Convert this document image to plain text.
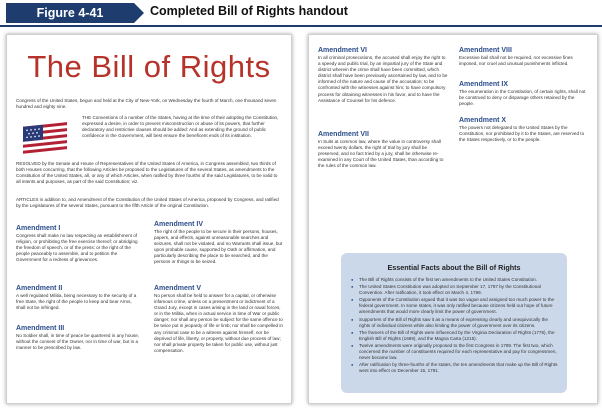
Figure 4-41	Completed Bill of Rights handout
The Bill of Rights
Congress of the United States, begun and held at the City of New-York, on Wednesday the fourth of March, one thousand seven hundred and eighty nine.
THE Conventions of a number of the States, having at the time of their adopting the Constitution, expressed a desire, in order to prevent misconstruction or abuse of its powers, that further declaratory and restrictive clauses should be added: And as extending the ground of public confidence in the Government, will best ensure the beneficent ends of its institution.
RESOLVED by the Senate and House of Representatives of the United States of America, in Congress assembled, two thirds of both Houses concurring, that the following Articles be proposed to the Legislatures of the several States, as amendments to the Constitution of the United States, all, or any of which Articles, when ratified by three fourths of the said Legislatures, to be valid to all intents and purposes, as part of the said Constitution; viz.
ARTICLES in addition to, and Amendment of the Constitution of the United States of America, proposed by Congress, and ratified by the Legislatures of the several States, pursuant to the fifth Article of the original Constitution.
Amendment I
Congress shall make no law respecting an establishment of religion, or prohibiting the free exercise thereof; or abridging the freedom of speech, or of the press; or the right of the people peaceably to assemble, and to petition the Government for a redress of grievances.
Amendment II
A well regulated Militia, being necessary to the security of a free State, the right of the people to keep and bear Arms, shall not be infringed.
Amendment III
No Soldier shall, in time of peace be quartered in any house, without the consent of the Owner, nor in time of war, but in a manner to be prescribed by law.
Amendment IV
The right of the people to be secure in their persons, houses, papers, and effects, against unreasonable searches and seizures, shall not be violated, and no Warrants shall issue, but upon probable cause, supported by Oath or affirmation, and particularly describing the place to be searched, and the persons or things to be seized.
Amendment V
No person shall be held to answer for a capital, or otherwise infamous crime, unless on a presentment or indictment of a Grand Jury, except in cases arising in the land or naval forces, or in the Militia, when in actual service in time of War or public danger; nor shall any person be subject for the same offence to be twice put in jeopardy of life or limb; nor shall be compelled in any criminal case to be a witness against himself, nor be deprived of life, liberty, or property, without due process of law; nor shall private property be taken for public use, without just compensation.
Amendment VI
In all criminal prosecutions, the accused shall enjoy the right to a speedy and public trial, by an impartial jury of the State and district wherein the crime shall have been committed, which district shall have been previously ascertained by law, and to be informed of the nature and cause of the accusation; to be confronted with the witnesses against him; to have compulsory process for obtaining witnesses in his favor, and to have the Assistance of Counsel for his defence.
Amendment VII
In Suits at common law, where the value in controversy shall exceed twenty dollars, the right of trial by jury shall be preserved, and no fact tried by a jury, shall be otherwise re-examined in any Court of the United States, than according to the rules of the common law.
Amendment VIII
Excessive bail shall not be required, nor excessive fines imposed, nor cruel and unusual punishments inflicted.
Amendment IX
The enumeration in the Constitution, of certain rights, shall not be construed to deny or disparage others retained by the people.
Amendment X
The powers not delegated to the United States by the Constitution, nor prohibited by it to the States, are reserved to the States respectively, or to the people.
Essential Facts about the Bill of Rights
● The Bill of Rights consists of the first ten amendments to the United States Constitution.
● The United States Constitution was adopted on September 17, 1787 by the Constitutional Convention. After ratification, it took effect on March 4, 1789.
● Opponents of the Constitution argued that it was too vague and assigned too much power to the federal government. In some states, it was only ratified because citizens held out hope of future amendments that would more clearly limit the power of government.
● Supporters of the Bill of Rights saw it as a means of expressing clearly and unequivocally the rights of individual citizens while also limiting the power of government over its citizens.
● The framers of the Bill of Rights were influenced by the Virginia Declaration of Rights (1776), the English Bill of Rights (1689), and the Magna Carta (1215).
● Twelve amendments were originally proposed to the first Congress in 1789. The first two, which concerned the number of constituents required for each representative and pay for congressmen, never became law.
● After ratification by three-fourths of the states, the ten amendments that make up the Bill of Rights went into effect on December 15, 1791.
